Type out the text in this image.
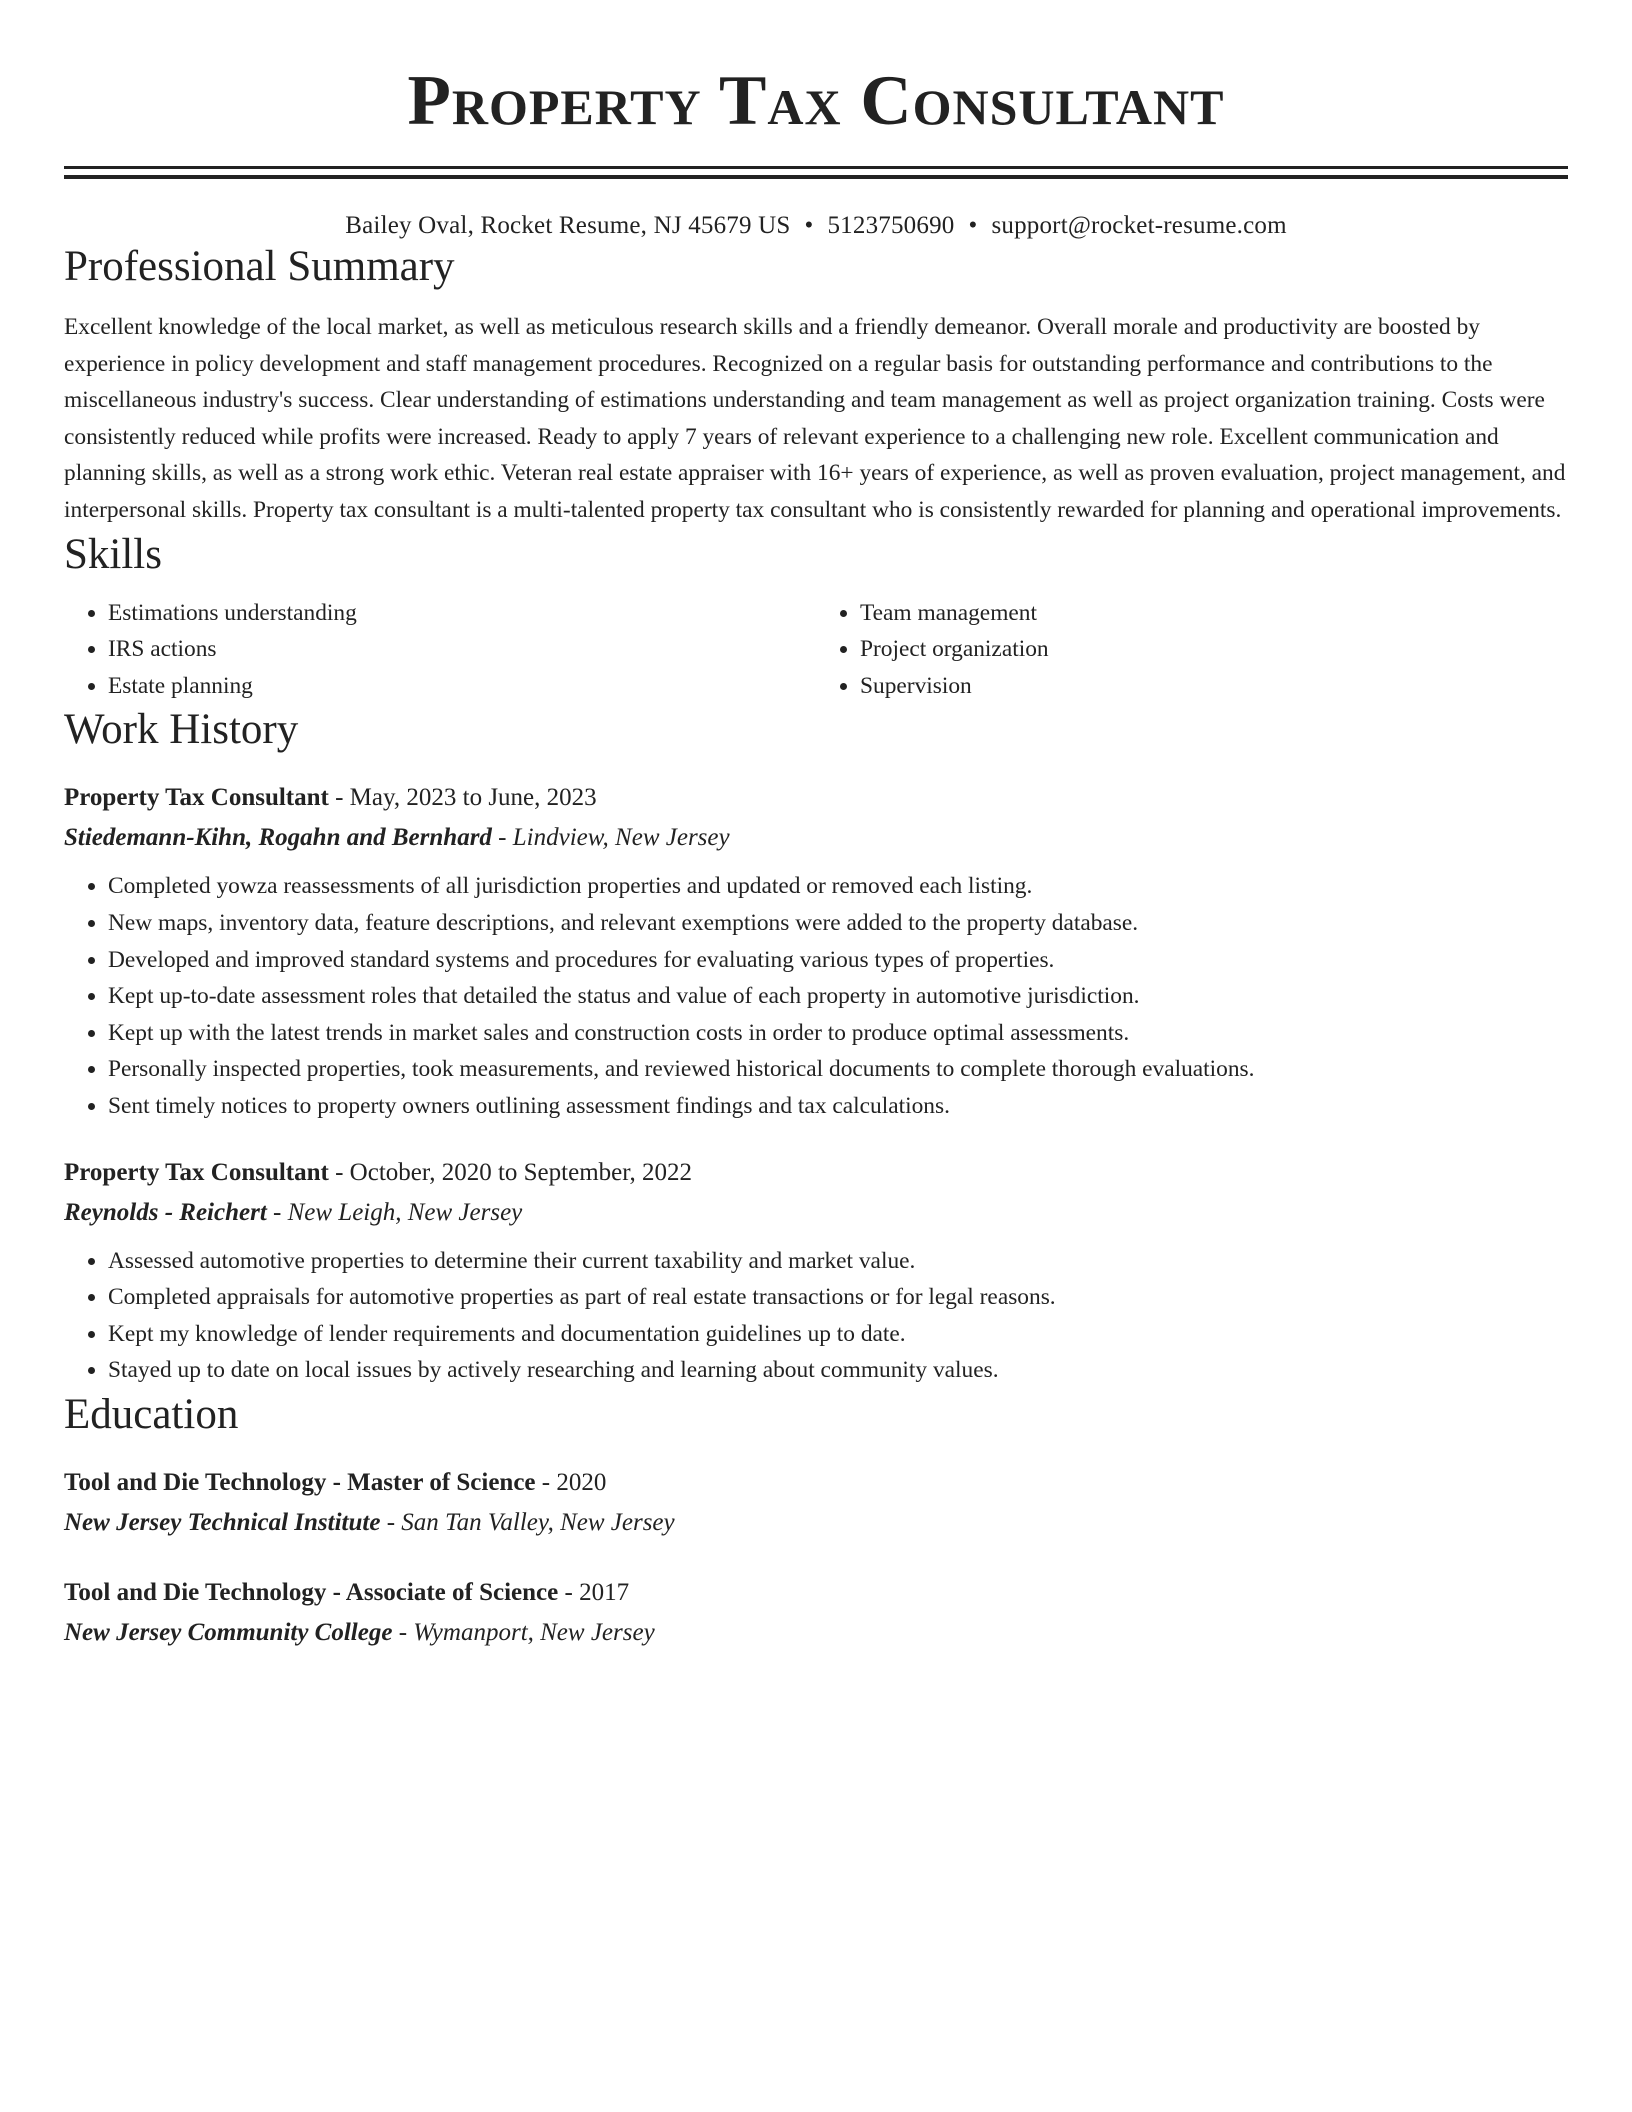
Property Tax Consultant
Bailey Oval, Rocket Resume, NJ 45679 US • 5123750690 • support@rocket-resume.com
Professional Summary

Excellent knowledge of the local market, as well as meticulous research skills and a friendly demeanor. Overall morale and productivity are boosted by experience in policy development and staff management procedures. Recognized on a regular basis for outstanding performance and contributions to the miscellaneous industry's success. Clear understanding of estimations understanding and team management as well as project organization training. Costs were consistently reduced while profits were increased. Ready to apply 7 years of relevant experience to a challenging new role. Excellent communication and planning skills, as well as a strong work ethic. Veteran real estate appraiser with 16+ years of experience, as well as proven evaluation, project management, and interpersonal skills. Property tax consultant is a multi-talented property tax consultant who is consistently rewarded for planning and operational improvements.

Skills
• Estimations understanding
• IRS actions
• Estate planning
• Team management
• Project organization
• Supervision
Work History
Property Tax Consultant - May, 2023 to June, 2023
Stiedemann-Kihn, Rogahn and Bernhard - Lindview, New Jersey
• Completed yowza reassessments of all jurisdiction properties and updated or removed each listing.
• New maps, inventory data, feature descriptions, and relevant exemptions were added to the property database.
• Developed and improved standard systems and procedures for evaluating various types of properties.
• Kept up-to-date assessment roles that detailed the status and value of each property in automotive jurisdiction.
• Kept up with the latest trends in market sales and construction costs in order to produce optimal assessments.
• Personally inspected properties, took measurements, and reviewed historical documents to complete thorough evaluations.
• Sent timely notices to property owners outlining assessment findings and tax calculations.
Property Tax Consultant - October, 2020 to September, 2022
Reynolds - Reichert - New Leigh, New Jersey
• Assessed automotive properties to determine their current taxability and market value.
• Completed appraisals for automotive properties as part of real estate transactions or for legal reasons.
• Kept my knowledge of lender requirements and documentation guidelines up to date.
• Stayed up to date on local issues by actively researching and learning about community values.
Education
Tool and Die Technology - Master of Science - 2020
New Jersey Technical Institute - San Tan Valley, New Jersey
Tool and Die Technology - Associate of Science - 2017
New Jersey Community College - Wymanport, New Jersey
